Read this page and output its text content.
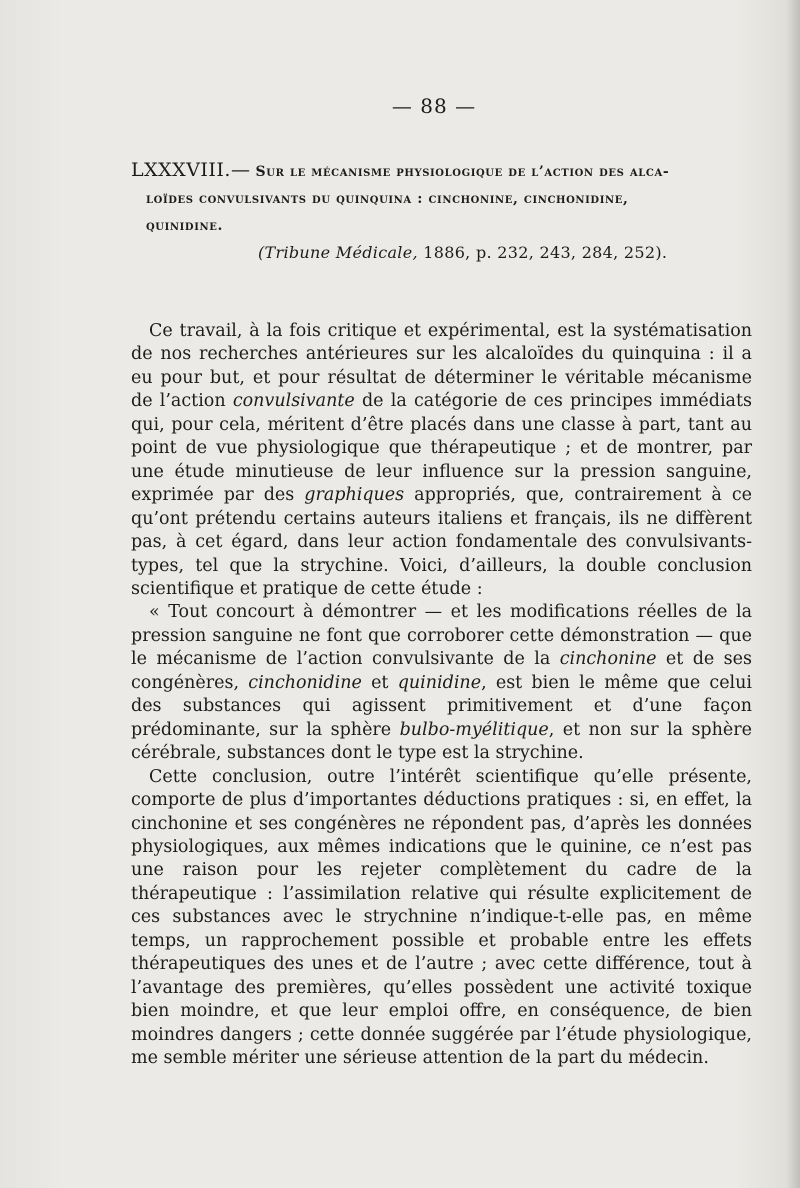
— 88 —
LXXXVIII.— Sur le mécanisme physiologique de l’action des alca-
loïdes convulsivants du quinquina : cinchonine, cinchonidine,
quinidine.
(Tribune Médicale, 1886, p. 232, 243, 284, 252).

Ce travail, à la fois critique et expérimental, est la systématisation de nos recherches antérieures sur les alcaloïdes du quinquina : il a eu pour but, et pour résultat de déterminer le véritable mécanisme de l’action convulsivante de la catégorie de ces principes immédiats qui, pour cela, méritent d’être placés dans une classe à part, tant au point de vue physiologique que thérapeutique ; et de montrer, par une étude minutieuse de leur influence sur la pression sanguine, exprimée par des graphiques appropriés, que, contrairement à ce qu’ont prétendu certains auteurs italiens et français, ils ne diffèrent pas, à cet égard, dans leur action fondamentale des convulsivants-types, tel que la strychine. Voici, d’ailleurs, la double conclusion scientifique et pratique de cette étude :

« Tout concourt à démontrer — et les modifications réelles de la pression sanguine ne font que corroborer cette démonstration — que le mécanisme de l’action convulsivante de la cinchonine et de ses congénères, cinchonidine et quinidine, est bien le même que celui des substances qui agissent primitivement et d’une façon prédominante, sur la sphère bulbo-myélitique, et non sur la sphère cérébrale, substances dont le type est la strychine.

Cette conclusion, outre l’intérêt scientifique qu’elle présente, comporte de plus d’importantes déductions pratiques : si, en effet, la cinchonine et ses congénères ne répondent pas, d’après les données physiologiques, aux mêmes indications que le quinine, ce n’est pas une raison pour les rejeter complètement du cadre de la thérapeutique : l’assimilation relative qui résulte explicitement de ces substances avec le strychnine n’indique-t-elle pas, en même temps, un rapprochement possible et probable entre les effets thérapeutiques des unes et de l’autre ; avec cette différence, tout à l’avantage des premières, qu’elles possèdent une activité toxique bien moindre, et que leur emploi offre, en conséquence, de bien moindres dangers ; cette donnée suggérée par l’étude physiologique, me semble mériter une sérieuse attention de la part du médecin.
